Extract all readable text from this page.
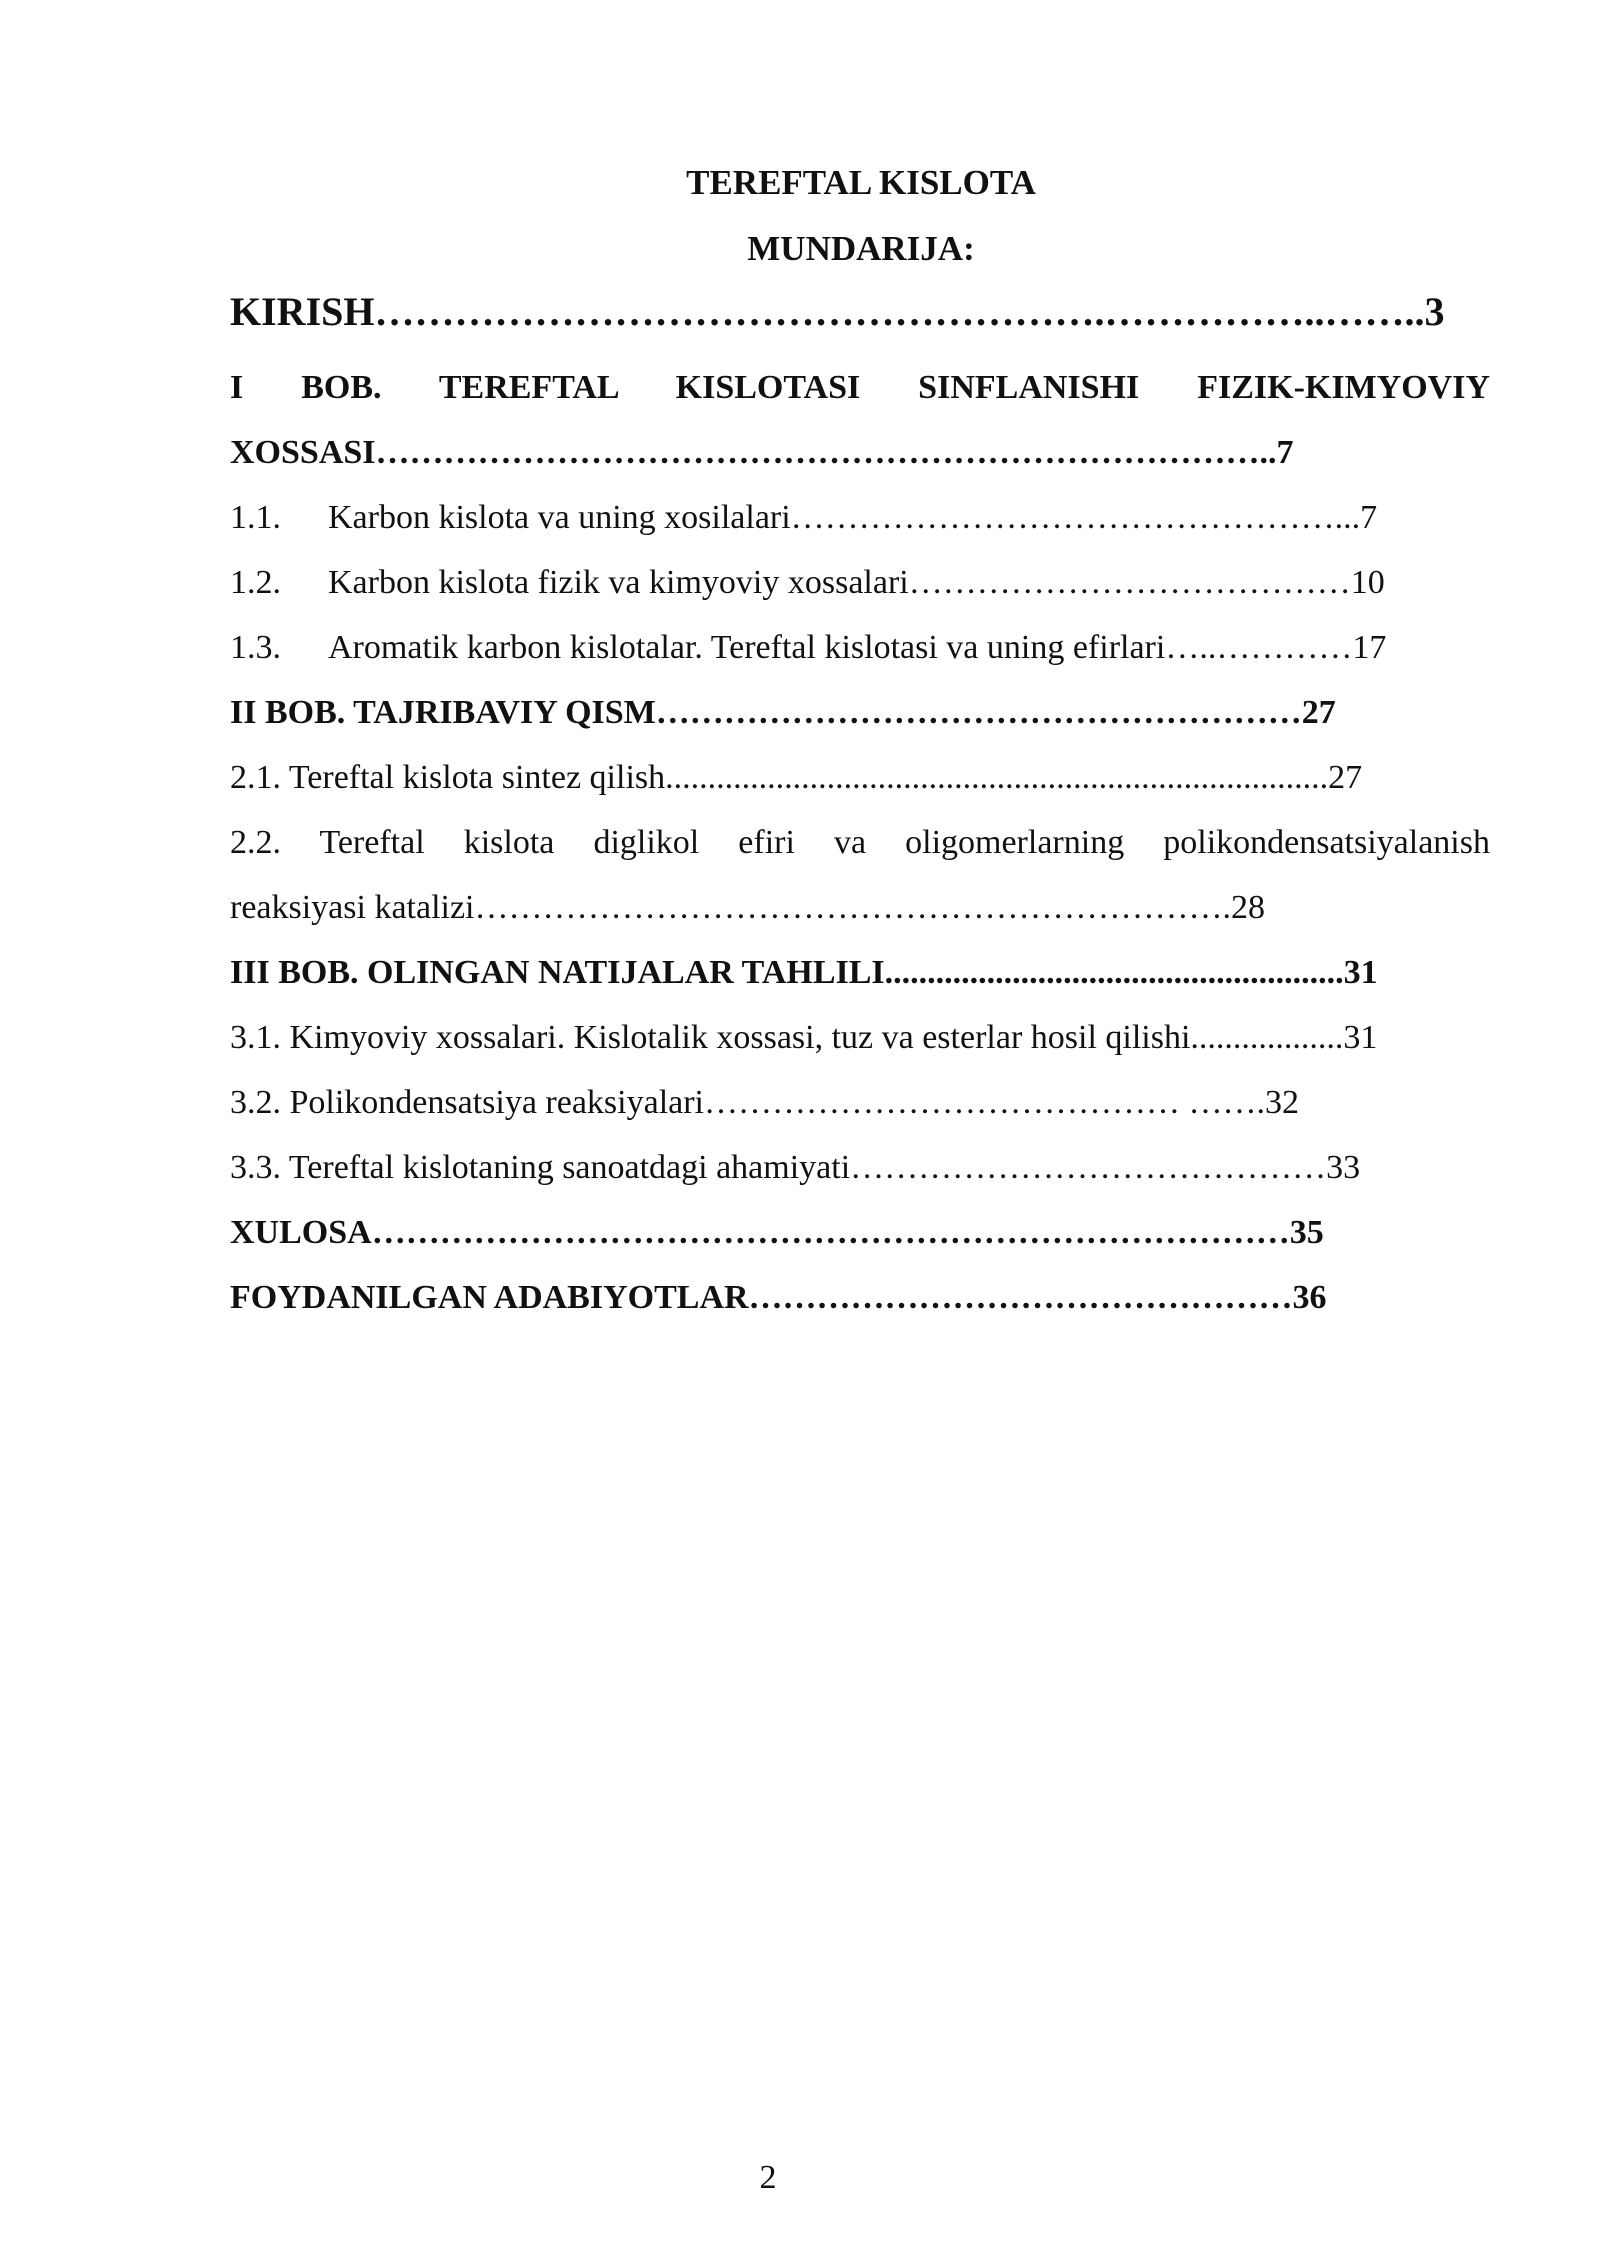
TEREFTAL KISLOTA
MUNDARIJA:
KIRISH……………………………………………….……………..……..3
I BOB. TEREFTAL KISLOTASI SINFLANISHI FIZIK-KIMYOVIY
XOSSASI……………………………………………………………………..7
1.1. Karbon kislota va uning xosilalari…………………………………………...7
1.2. Karbon kislota fizik va kimyoviy xossalari…………………………………10
1.3. Aromatik karbon kislotalar. Tereftal kislotasi va uning efirlari…..…………17
II BOB. TAJRIBAVIY QISM…………………………………………………27
2.1. Tereftal kislota sintez qilish..............................................................................27
2.2. Tereftal kislota diglikol efiri va oligomerlarning polikondensatsiyalanish
reaksiyasi katalizi………………………………………………………….28
III BOB. OLINGAN NATIJALAR TAHLILI......................................................31
3.1. Kimyoviy xossalari. Kislotalik xossasi, tuz va esterlar hosil qilishi..................31
3.2. Polikondensatsiya reaksiyalari…………………………………… …….32
3.3. Tereftal kislotaning sanoatdagi ahamiyati……………………………………33
XULOSA………………………………………………………………………35
FOYDANILGAN ADABIYOTLAR…………………………………………36
2
